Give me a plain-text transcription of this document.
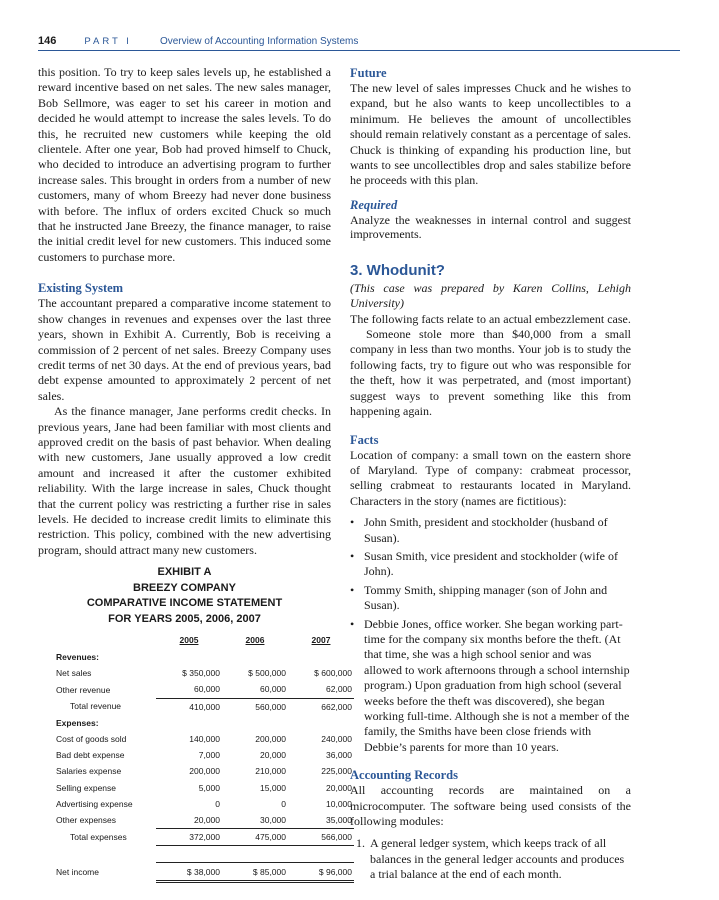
146	PART I	Overview of Accounting Information Systems

this position. To try to keep sales levels up, he established a reward incentive based on net sales. The new sales manager, Bob Sellmore, was eager to set his career in motion and decided he would attempt to increase the sales levels. To do this, he recruited new customers while keeping the old clientele. After one year, Bob had proved himself to Chuck, who decided to introduce an advertising program to further increase sales. This brought in orders from a number of new customers, many of whom Breezy had never done business with before. The influx of orders excited Chuck so much that he instructed Jane Breezy, the finance manager, to raise the initial credit level for new customers. This induced some customers to purchase more.

Existing System

The accountant prepared a comparative income statement to show changes in revenues and expenses over the last three years, shown in Exhibit A. Currently, Bob is receiving a commission of 2 percent of net sales. Breezy Company uses credit terms of net 30 days. At the end of previous years, bad debt expense amounted to approximately 2 percent of net sales.

As the finance manager, Jane performs credit checks. In previous years, Jane had been familiar with most clients and approved credit on the basis of past behavior. When dealing with new customers, Jane usually approved a low credit amount and increased it after the customer exhibited reliability. With the large increase in sales, Chuck thought that the current policy was restricting a further rise in sales levels. He decided to increase credit limits to eliminate this restriction. This policy, combined with the new advertising program, should attract many new customers.

EXHIBIT A
BREEZY COMPANY
COMPARATIVE INCOME STATEMENT
FOR YEARS 2005, 2006, 2007
	2005	2006	2007
Revenues:			
Net sales	$ 350,000	$ 500,000	$ 600,000
Other revenue	60,000	60,000	62,000
Total revenue	410,000	560,000	662,000
Expenses:			
Cost of goods sold	140,000	200,000	240,000
Bad debt expense	7,000	20,000	36,000
Salaries expense	200,000	210,000	225,000
Selling expense	5,000	15,000	20,000
Advertising expense	0	0	10,000
Other expenses	20,000	30,000	35,000
Total expenses	372,000	475,000	566,000

Net income	$ 38,000	$ 85,000	$ 96,000
Future

The new level of sales impresses Chuck and he wishes to expand, but he also wants to keep uncollectibles to a minimum. He believes the amount of uncollectibles should remain relatively constant as a percentage of sales. Chuck is thinking of expanding his production line, but wants to see uncollectibles drop and sales stabilize before he proceeds with this plan.

Required

Analyze the weaknesses in internal control and suggest improvements.

3. Whodunit?

(This case was prepared by Karen Collins, Lehigh University)

The following facts relate to an actual embezzlement case.

Someone stole more than $40,000 from a small company in less than two months. Your job is to study the following facts, try to figure out who was responsible for the theft, how it was perpetrated, and (most important) suggest ways to prevent something like this from happening again.

Facts

Location of company: a small town on the eastern shore of Maryland. Type of company: crabmeat processor, selling crabmeat to restaurants located in Maryland. Characters in the story (names are fictitious):

• John Smith, president and stockholder (husband of Susan).
• Susan Smith, vice president and stockholder (wife of John).
• Tommy Smith, shipping manager (son of John and Susan).
• Debbie Jones, office worker. She began working part-time for the company six months before the theft. (At that time, she was a high school senior and was allowed to work afternoons through a school internship program.) Upon graduation from high school (several weeks before the theft was discovered), she began working full-time. Although she is not a member of the family, the Smiths have been close friends with Debbie’s parents for more than 10 years.
Accounting Records

All accounting records are maintained on a microcomputer. The software being used consists of the following modules:

1. A general ledger system, which keeps track of all balances in the general ledger accounts and produces a trial balance at the end of each month.
